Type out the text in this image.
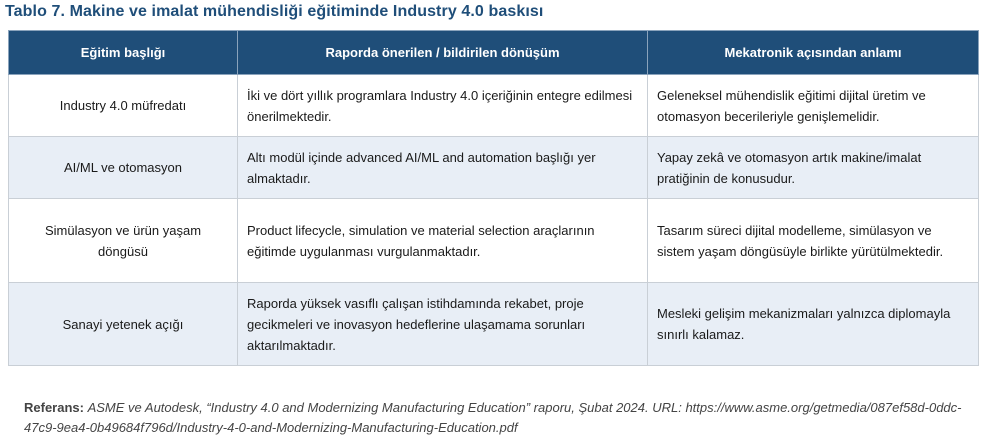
Tablo 7. Makine ve imalat mühendisliği eğitiminde Industry 4.0 baskısı
Eğitim başlığı	Raporda önerilen / bildirilen dönüşüm	Mekatronik açısından anlamı
Industry 4.0 müfredatı	İki ve dört yıllık programlara Industry 4.0 içeriğinin entegre edilmesi önerilmektedir.	Geleneksel mühendislik eğitimi dijital üretim ve otomasyon becerileriyle genişlemelidir.
AI/ML ve otomasyon	Altı modül içinde advanced AI/ML and automation başlığı yer almaktadır.	Yapay zekâ ve otomasyon artık makine/imalat pratiğinin de konusudur.
Simülasyon ve ürün yaşam döngüsü	Product lifecycle, simulation ve material selection araçlarının eğitimde uygulanması vurgulanmaktadır.	Tasarım süreci dijital modelleme, simülasyon ve sistem yaşam döngüsüyle birlikte yürütülmektedir.
Sanayi yetenek açığı	Raporda yüksek vasıflı çalışan istihdamında rekabet, proje gecikmeleri ve inovasyon hedeflerine ulaşamama sorunları aktarılmaktadır.	Mesleki gelişim mekanizmaları yalnızca diplomayla sınırlı kalamaz.
Referans: ASME ve Autodesk, “Industry 4.0 and Modernizing Manufacturing Education” raporu, Şubat 2024. URL: https://www.asme.org/getmedia/087ef58d-0ddc-47c9-9ea4-0b49684f796d/Industry-4-0-and-Modernizing-Manufacturing-Education.pdf
